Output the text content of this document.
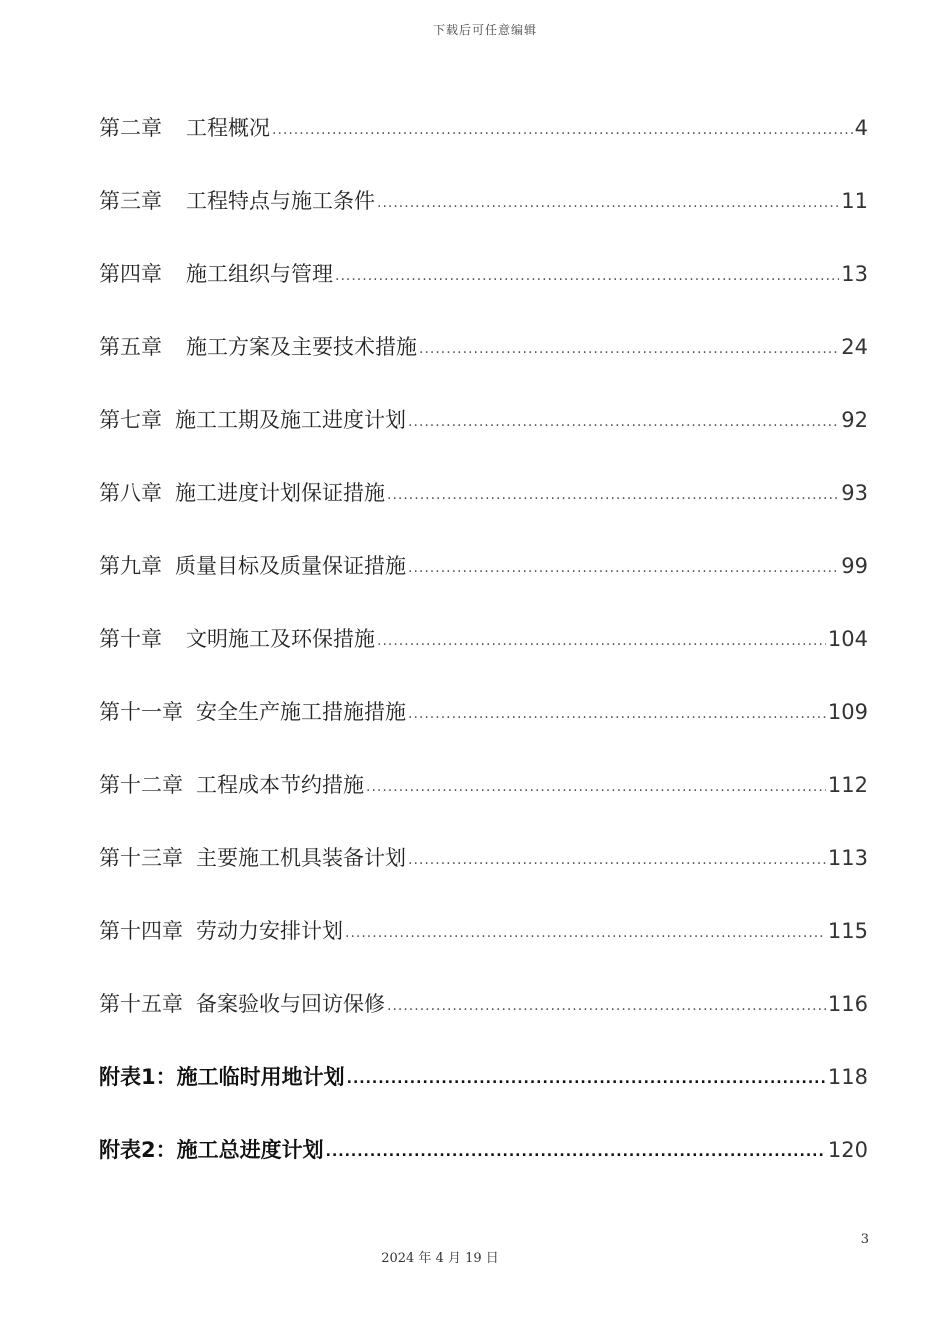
下载后可任意编辑
第二章 工程概况 .....	4
第三章 工程特点与施工条件 .....	11
第四章 施工组织与管理 .....	13
第五章 施工方案及主要技术措施 .....	24
第七章 施工工期及施工进度计划 .....	92
第八章 施工进度计划保证措施 .....	93
第九章 质量目标及质量保证措施 .....	99
第十章 文明施工及环保措施 .....	104
第十一章 安全生产施工措施措施 .....	109
第十二章 工程成本节约措施 .....	112
第十三章 主要施工机具装备计划 .....	113
第十四章 劳动力安排计划 .....	115
第十五章 备案验收与回访保修 .....	116
附表1： 施工临时用地计划 .....	118
附表2： 施工总进度计划 .....	120
3
2024 年 4 月 19 日
